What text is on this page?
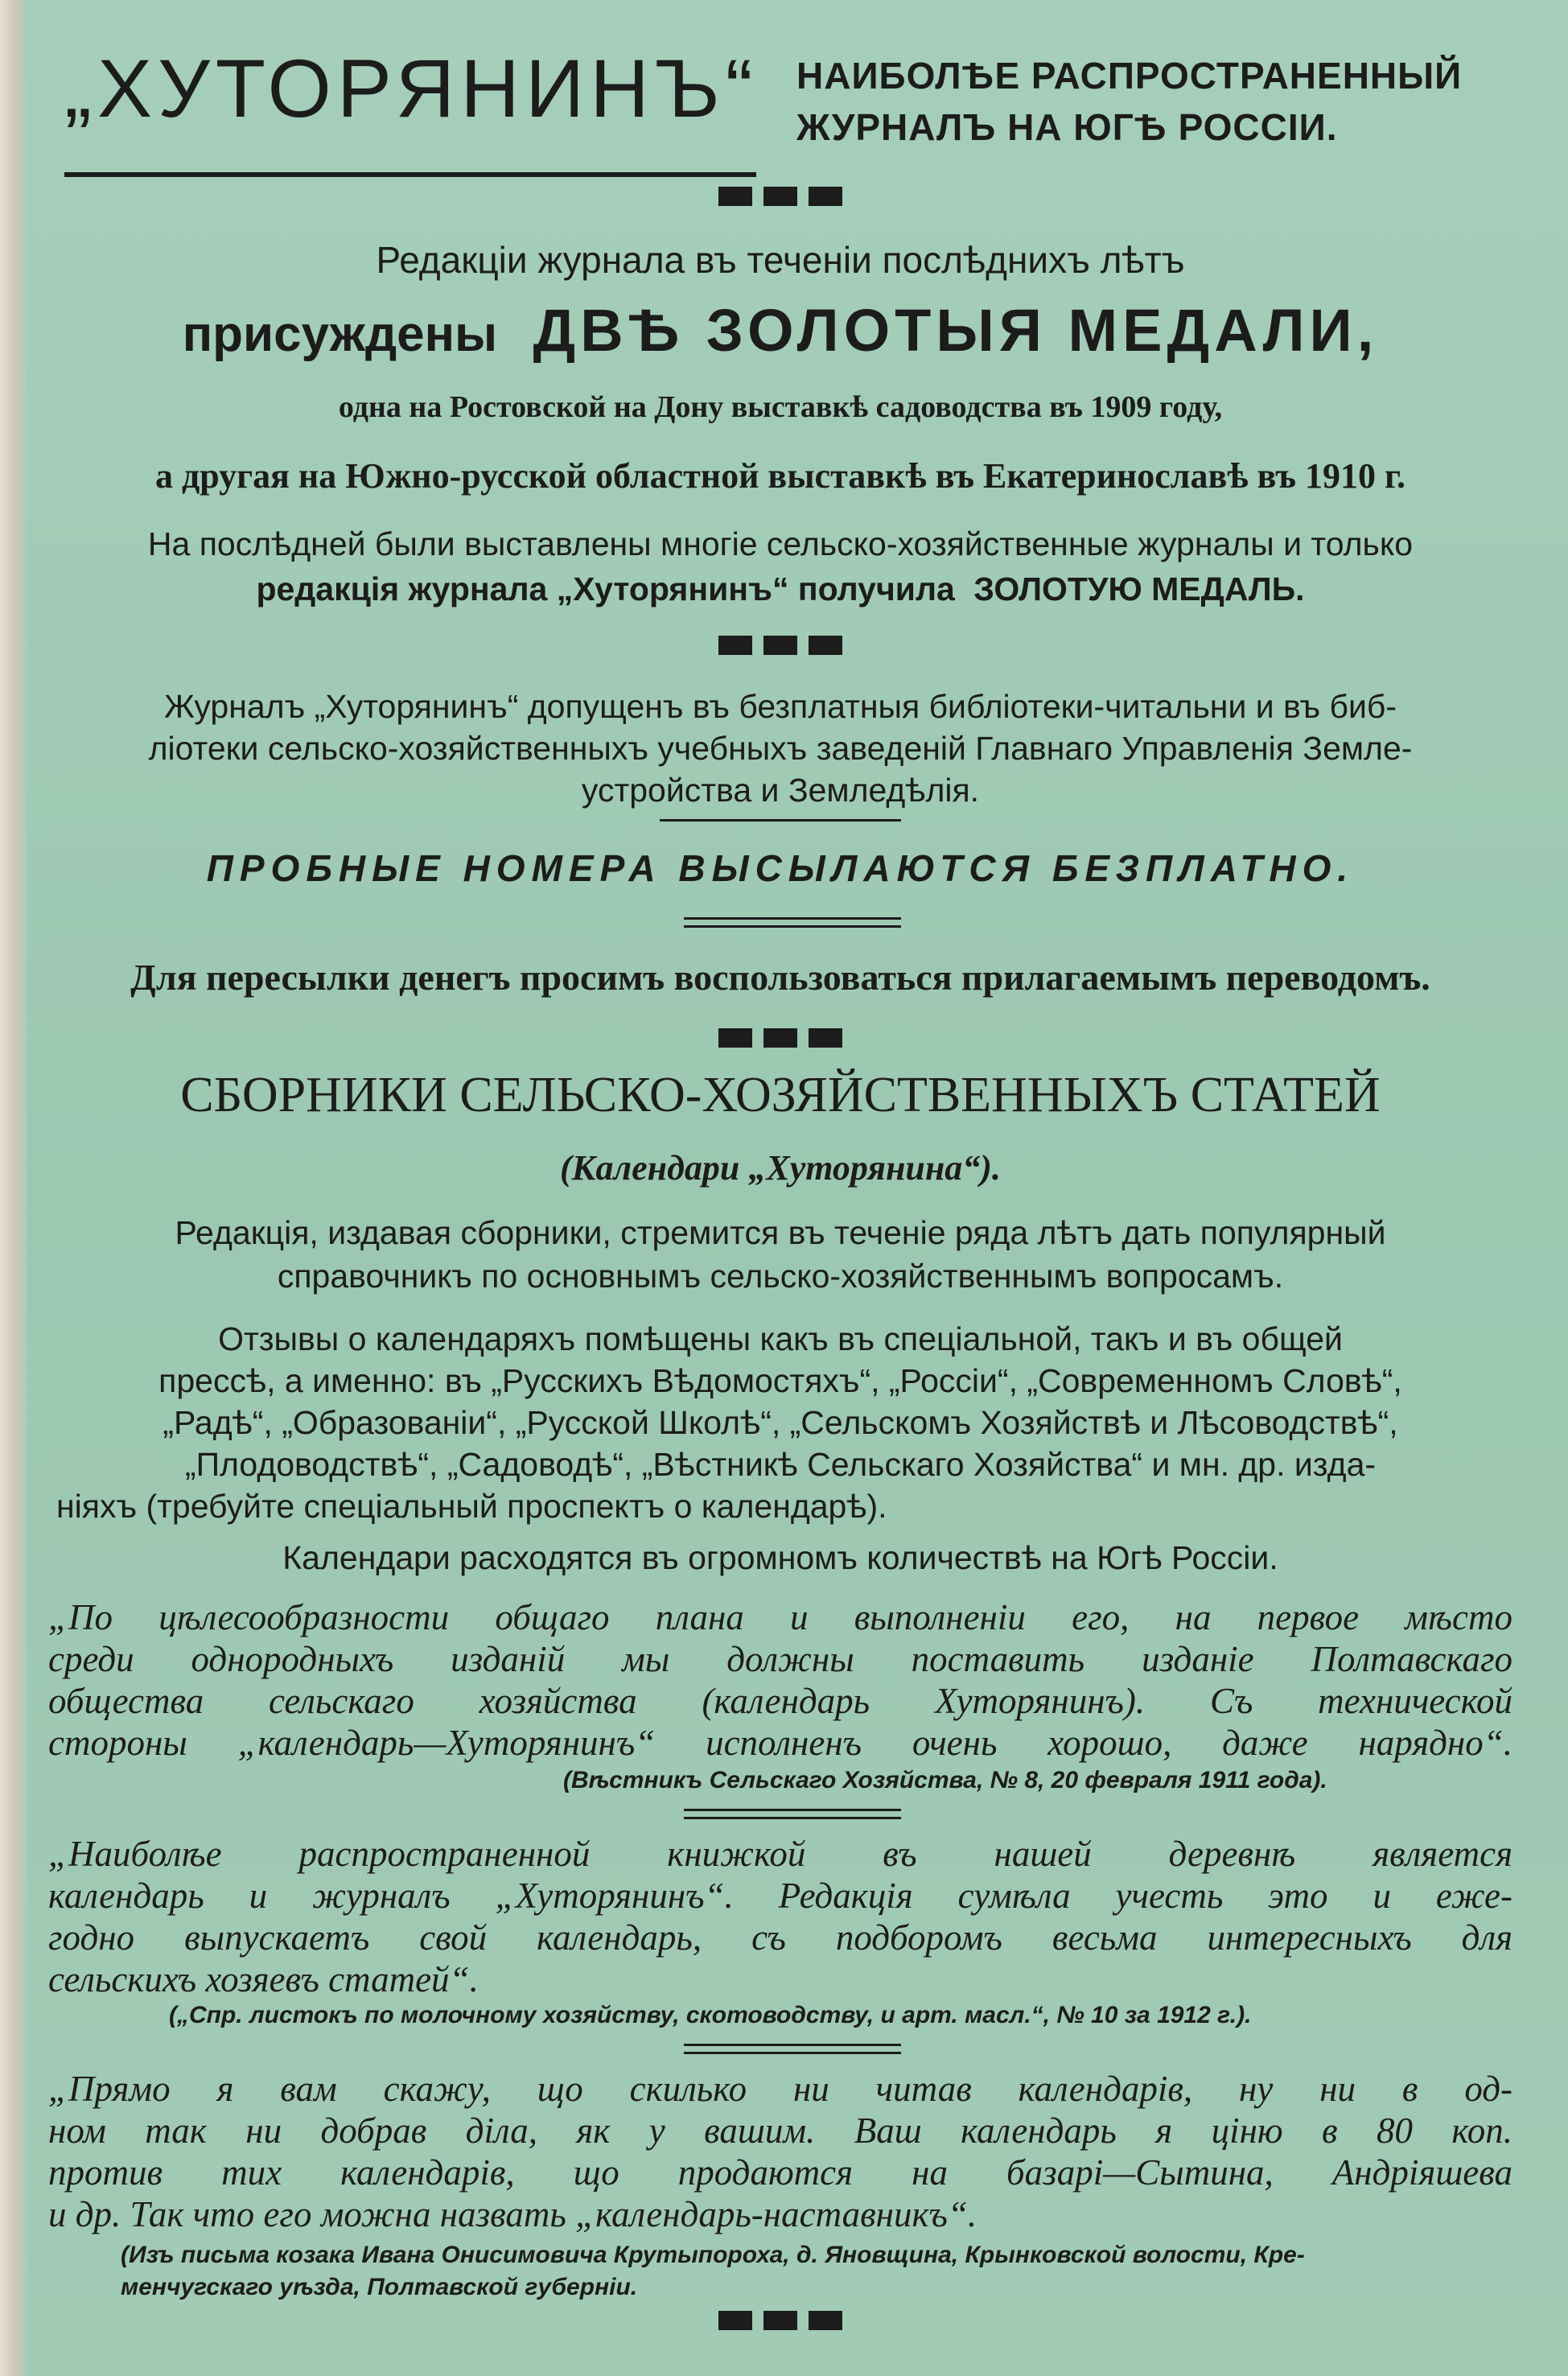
„ХУТОРЯНИНЪ“ НАИБОЛѢЕ РАСПРОСТРАНЕННЫЙ
ЖУРНАЛЪ НА ЮГѢ РОССІИ.
Редакціи журнала въ теченіи послѣднихъ лѣтъ
присуждены ДВѢ ЗОЛОТЫЯ МЕДАЛИ,
одна на Ростовской на Дону выставкѣ садоводства въ 1909 году,
а другая на Южно-русской областной выставкѣ въ Екатеринославѣ въ 1910 г.
На послѣдней были выставлены многіе сельско-хозяйственные журналы и только
редакція журнала „Хуторянинъ“ получила ЗОЛОТУЮ МЕДАЛЬ.
Журналъ „Хуторянинъ“ допущенъ въ безплатныя библіотеки-читальни и въ биб-
ліотеки сельско-хозяйственныхъ учебныхъ заведеній Главнаго Управленія Земле-
устройства и Земледѣлія.
ПРОБНЫЕ НОМЕРА ВЫСЫЛАЮТСЯ БЕЗПЛАТНО.
Для пересылки денегъ просимъ воспользоваться прилагаемымъ переводомъ.
СБОРНИКИ СЕЛЬСКО-ХОЗЯЙСТВЕННЫХЪ СТАТЕЙ
(Календари „Хуторянина“).
Редакція, издавая сборники, стремится въ теченіе ряда лѣтъ дать популярный
справочникъ по основнымъ сельско-хозяйственнымъ вопросамъ.
Отзывы о календаряхъ помѣщены какъ въ спеціальной, такъ и въ общей
прессѣ, а именно: въ „Русскихъ Вѣдомостяхъ“, „Россіи“, „Современномъ Словѣ“,
„Радѣ“, „Образованіи“, „Русской Школѣ“, „Сельскомъ Хозяйствѣ и Лѣсоводствѣ“,
„Плодоводствѣ“, „Садоводѣ“, „Вѣстникѣ Сельскаго Хозяйства“ и мн. др. изда-
ніяхъ (требуйте спеціальный проспектъ о календарѣ).
Календари расходятся въ огромномъ количествѣ на Югѣ Россіи.
„По цѣлесообразности общаго плана и выполненіи его, на первое мѣсто
среди однородныхъ изданій мы должны поставить изданіе Полтавскаго
общества сельскаго хозяйства (календарь Хуторянинъ). Съ технической
стороны „календарь—Хуторянинъ“ исполненъ очень хорошо, даже нарядно“.
(Вѣстникъ Сельскаго Хозяйства, № 8, 20 февраля 1911 года).
„Наиболѣе распространенной книжкой въ нашей деревнѣ является
календарь и журналъ „Хуторянинъ“. Редакція сумѣла учесть это и еже-
годно выпускаетъ свой календарь, съ подборомъ весьма интересныхъ для
сельскихъ хозяевъ статей“.
(„Спр. листокъ по молочному хозяйству, скотоводству, и арт. масл.“, № 10 за 1912 г.).
„Прямо я вам скажу, що скилько ни читав календарів, ну ни в од-
ном так ни добрав діла, як у вашим. Ваш календарь я цiню в 80 коп.
против тих календарів, що продаются на базарі—Сытина, Андріяшева
и др. Так что его можна назвать „календарь-наставникъ“.
(Изъ письма козака Ивана Онисимовича Крутыпороха, д. Яновщина, Крынковской волости, Кре-
менчугскаго уѣзда, Полтавской губерніи.
